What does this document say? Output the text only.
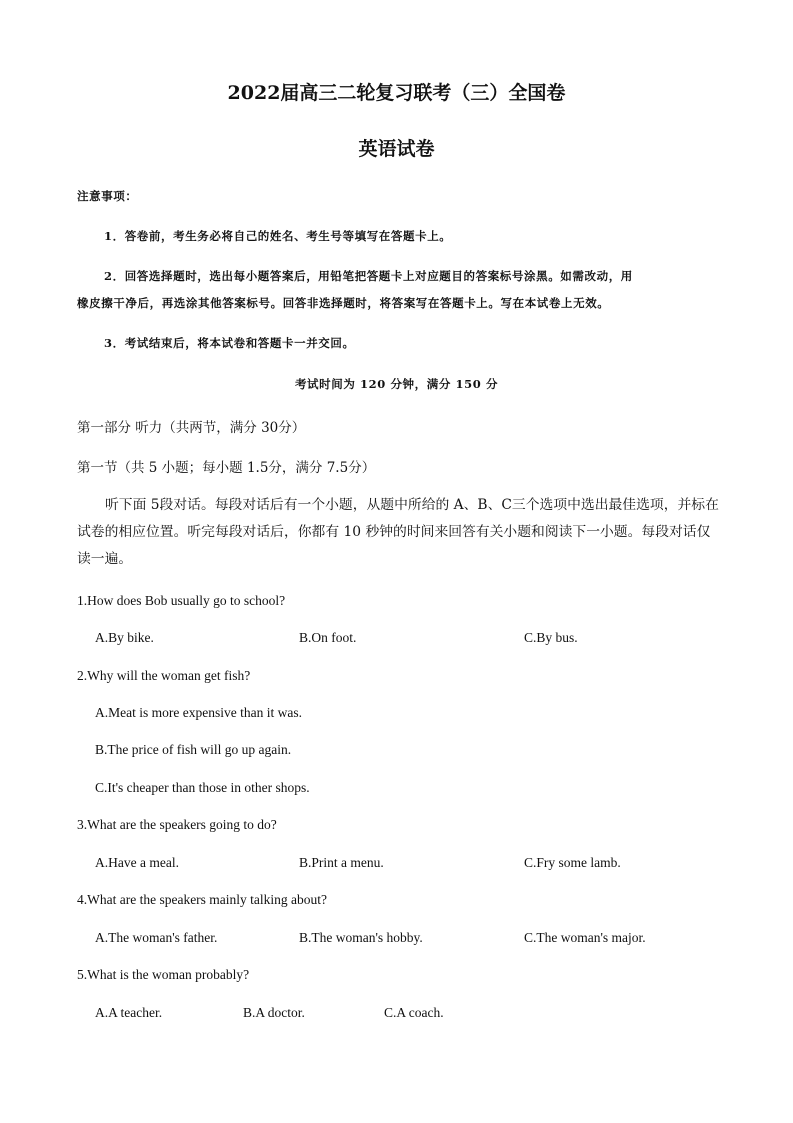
2022届高三二轮复习联考（三）全国卷
英语试卷
注意事项：
1．答卷前，考生务必将自己的姓名、考生号等填写在答题卡上。
2．回答选择题时，选出每小题答案后，用铅笔把答题卡上对应题目的答案标号涂黑。如需改动，用
橡皮擦干净后，再选涂其他答案标号。回答非选择题时，将答案写在答题卡上。写在本试卷上无效。
3．考试结束后，将本试卷和答题卡一并交回。
考试时间为 120 分钟，满分 150 分
第一部分 听力（共两节，满分 30分）
第一节（共 5 小题；每小题 1.5分，满分 7.5分）
听下面 5段对话。每段对话后有一个小题，从题中所给的 A、B、C三个选项中选出最佳选项，并标在试卷的相应位置。听完每段对话后，你都有 10 秒钟的时间来回答有关小题和阅读下一小题。每段对话仅读一遍。
1.How does Bob usually go to school?
A.By bike.	B.On foot.	C.By bus.
2.Why will the woman get fish?
A.Meat is more expensive than it was.
B.The price of fish will go up again.
C.It's cheaper than those in other shops.
3.What are the speakers going to do?
A.Have a meal.	B.Print a menu.	C.Fry some lamb.
4.What are the speakers mainly talking about?
A.The woman's father.	B.The woman's hobby.	C.The woman's major.
5.What is the woman probably?
A.A teacher.	B.A doctor.	C.A coach.
